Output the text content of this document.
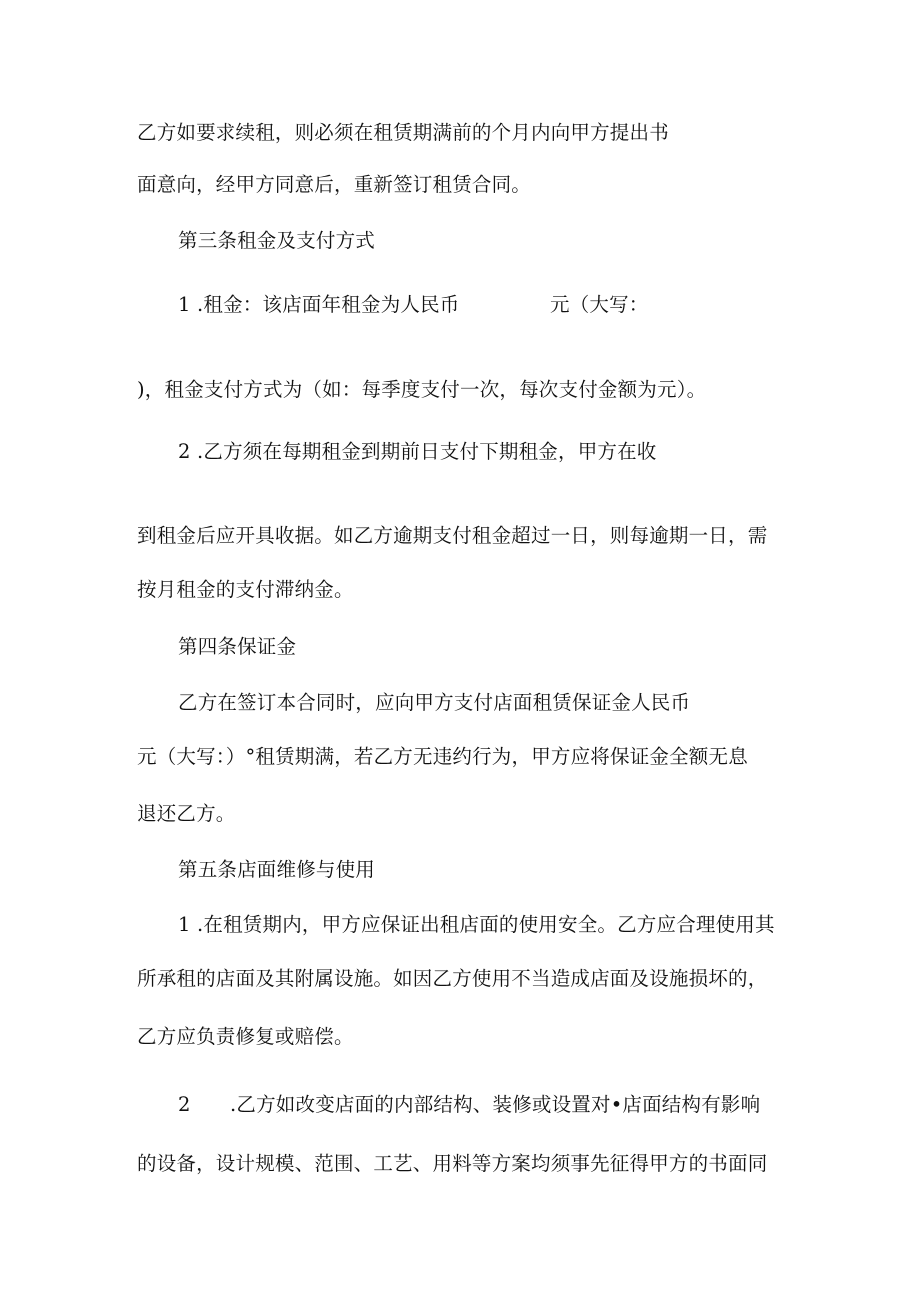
乙方如要求续租，则必须在租赁期满前的个月内向甲方提出书
面意向，经甲方同意后，重新签订租赁合同。
第三条租金及支付方式
1 .租金：该店面年租金为人民币	元（大写：
)，租金支付方式为（如：每季度支付一次，每次支付金额为元）。
2 .乙方须在每期租金到期前日支付下期租金，甲方在收
到租金后应开具收据。如乙方逾期支付租金超过一日，则每逾期一日，需
按月租金的支付滞纳金。
第四条保证金
乙方在签订本合同时，应向甲方支付店面租赁保证金人民币
元（大写：）°租赁期满，若乙方无违约行为，甲方应将保证金全额无息
退还乙方。
第五条店面维修与使用
1 .在租赁期内，甲方应保证出租店面的使用安全。乙方应合理使用其
所承租的店面及其附属设施。如因乙方使用不当造成店面及设施损坏的，
乙方应负责修复或赔偿。
2 .乙方如改变店面的内部结构、装修或设置对•店面结构有影响
的设备，设计规模、范围、工艺、用料等方案均须事先征得甲方的书面同
